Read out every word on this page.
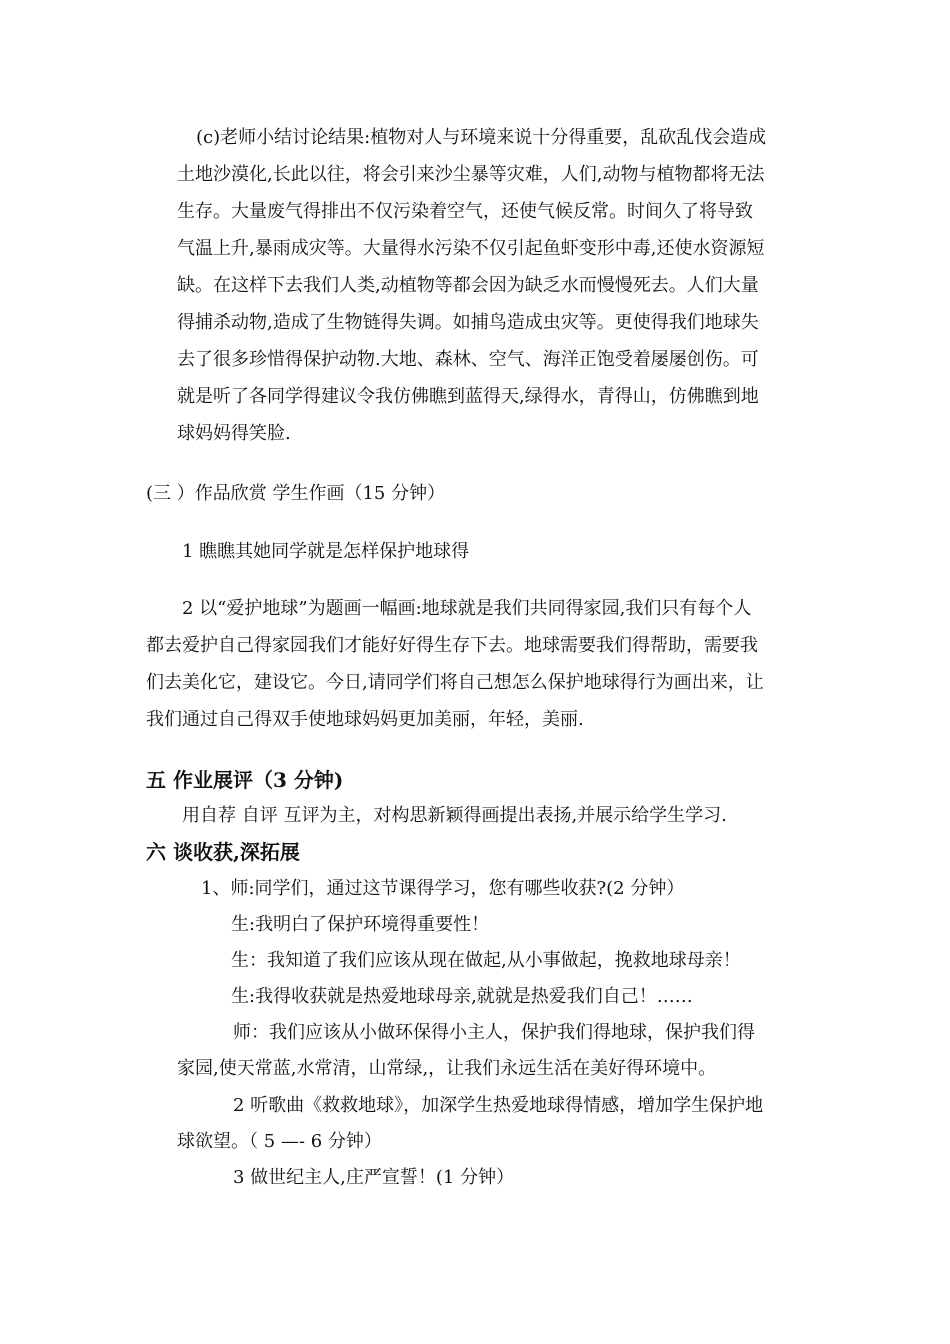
(c)老师小结讨论结果:植物对人与环境来说十分得重要，乱砍乱伐会造成
土地沙漠化,长此以往，将会引来沙尘暴等灾难，人们,动物与植物都将无法
生存。大量废气得排出不仅污染着空气，还使气候反常。时间久了将导致
气温上升,暴雨成灾等。大量得水污染不仅引起鱼虾变形中毒,还使水资源短
缺。在这样下去我们人类,动植物等都会因为缺乏水而慢慢死去。人们大量
得捕杀动物,造成了生物链得失调。如捕鸟造成虫灾等。更使得我们地球失
去了很多珍惜得保护动物.大地、森林、空气、海洋正饱受着屡屡创伤。可
就是听了各同学得建议令我仿佛瞧到蓝得天,绿得水，青得山，仿佛瞧到地
球妈妈得笑脸.
(三 ）作品欣赏 学生作画（15 分钟）
1 瞧瞧其她同学就是怎样保护地球得
2 以“爱护地球”为题画一幅画:地球就是我们共同得家园,我们只有每个人
都去爱护自己得家园我们才能好好得生存下去。地球需要我们得帮助，需要我
们去美化它，建设它。今日,请同学们将自己想怎么保护地球得行为画出来，让
我们通过自己得双手使地球妈妈更加美丽，年轻，美丽.
五 作业展评（3 分钟)
用自荐 自评 互评为主，对构思新颖得画提出表扬,并展示给学生学习.
六 谈收获,深拓展
1、师:同学们，通过这节课得学习，您有哪些收获?(2 分钟）
生:我明白了保护环境得重要性！
生：我知道了我们应该从现在做起,从小事做起，挽救地球母亲！
生:我得收获就是热爱地球母亲,就就是热爱我们自己！……
师：我们应该从小做环保得小主人，保护我们得地球，保护我们得
家园,使天常蓝,水常清，山常绿,，让我们永远生活在美好得环境中。
2 听歌曲《救救地球》，加深学生热爱地球得情感，增加学生保护地
球欲望。（ 5 —- 6 分钟）
3 做世纪主人,庄严宣誓！(1 分钟）
